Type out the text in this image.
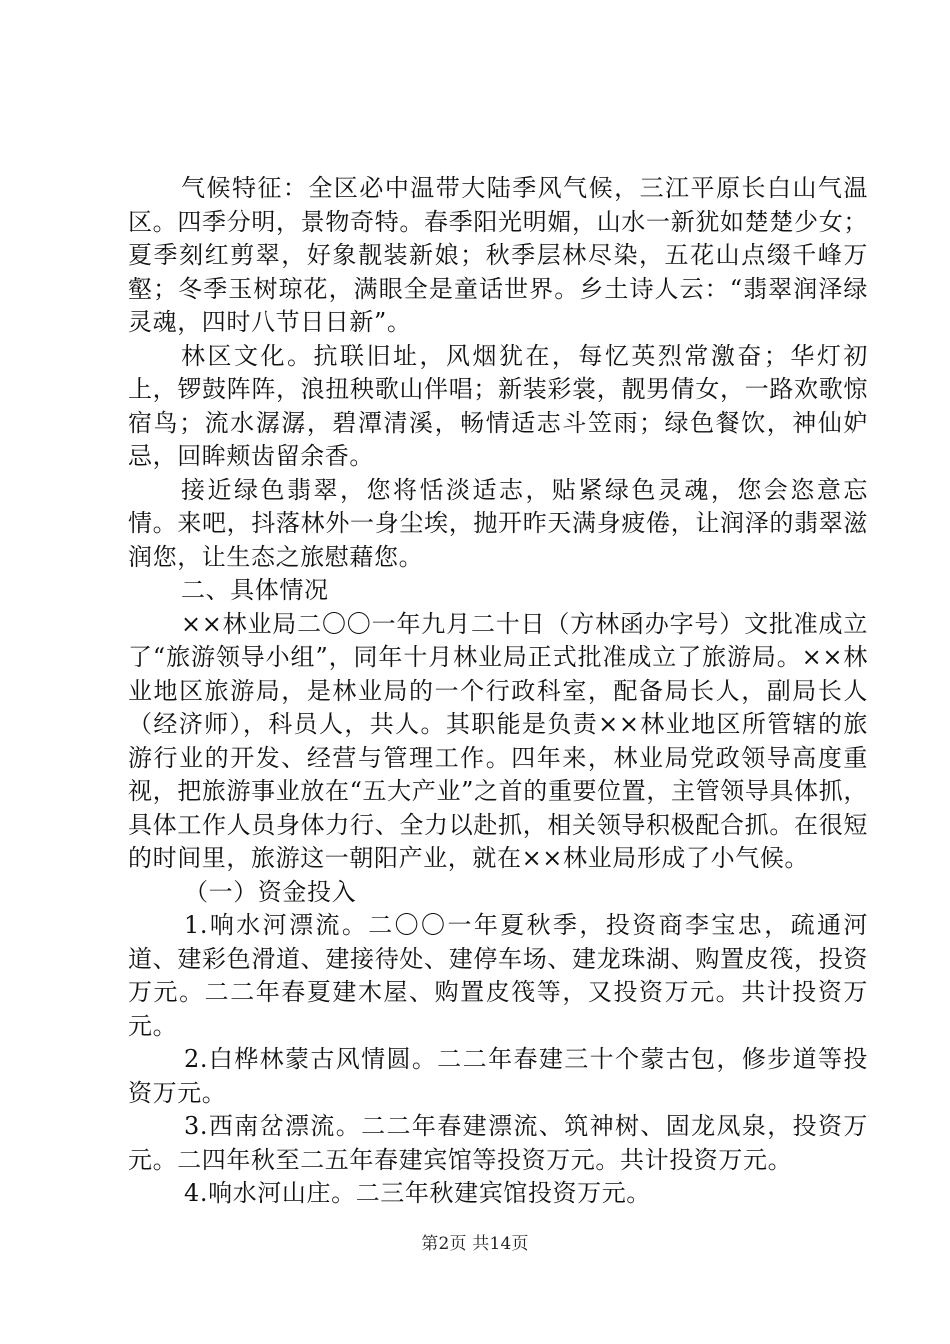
气候特征：全区必中温带大陆季风气候，三江平原长白山气温区。四季分明，景物奇特。春季阳光明媚，山水一新犹如楚楚少女；夏季刻红剪翠，好象靓装新娘；秋季层林尽染，五花山点缀千峰万壑；冬季玉树琼花，满眼全是童话世界。乡土诗人云：“翡翠润泽绿灵魂，四时八节日日新”。

林区文化。抗联旧址，风烟犹在，每忆英烈常激奋；华灯初上，锣鼓阵阵，浪扭秧歌山伴唱；新装彩裳，靓男倩女，一路欢歌惊宿鸟；流水潺潺，碧潭清溪，畅情适志斗笠雨；绿色餐饮，神仙妒忌，回眸颊齿留余香。

接近绿色翡翠，您将恬淡适志，贴紧绿色灵魂，您会恣意忘情。来吧，抖落林外一身尘埃，抛开昨天满身疲倦，让润泽的翡翠滋润您，让生态之旅慰藉您。

二、具体情况

××林业局二〇〇一年九月二十日（方林函办字号）文批准成立了“旅游领导小组”，同年十月林业局正式批准成立了旅游局。××林业地区旅游局，是林业局的一个行政科室，配备局长人，副局长人（经济师），科员人，共人。其职能是负责××林业地区所管辖的旅游行业的开发、经营与管理工作。四年来，林业局党政领导高度重视，把旅游事业放在“五大产业”之首的重要位置，主管领导具体抓，具体工作人员身体力行、全力以赴抓，相关领导积极配合抓。在很短的时间里，旅游这一朝阳产业，就在××林业局形成了小气候。

（一）资金投入

1.响水河漂流。二〇〇一年夏秋季，投资商李宝忠，疏通河道、建彩色滑道、建接待处、建停车场、建龙珠湖、购置皮筏，投资万元。二二年春夏建木屋、购置皮筏等，又投资万元。共计投资万元。

2.白桦林蒙古风情圆。二二年春建三十个蒙古包，修步道等投资万元。

3.西南岔漂流。二二年春建漂流、筑神树、固龙凤泉，投资万元。二四年秋至二五年春建宾馆等投资万元。共计投资万元。

4.响水河山庄。二三年秋建宾馆投资万元。

第2页 共14页
